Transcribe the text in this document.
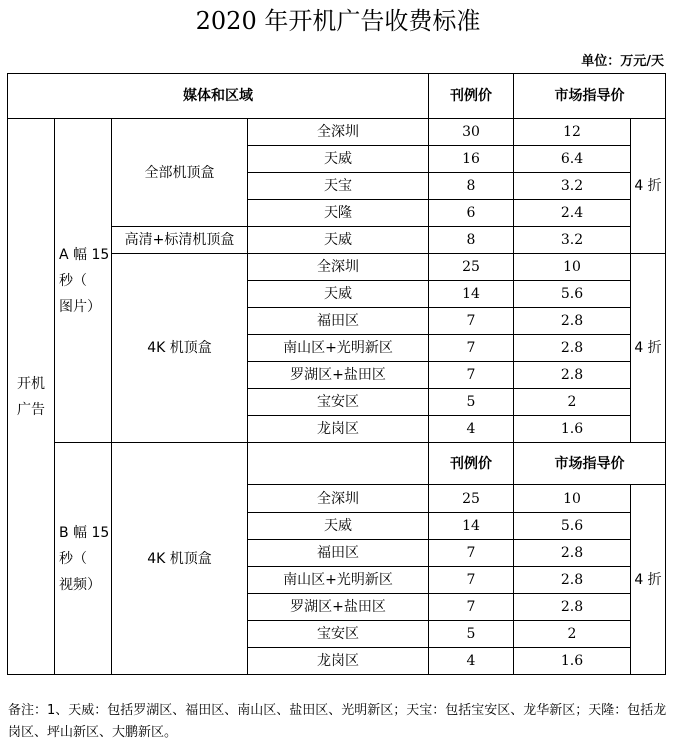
2020 年开机广告收费标准
单位：万元/天
媒体和区域				刊例价	市场指导价	
开机
广告	A 幅 15
秒（
图片）	全部机顶盒	全深圳	30	12	4 折
			天威	16	6.4	
			天宝	8	3.2	
			天隆	6	2.4	
		高清+标清机顶盒	天威	8	3.2	
		4K 机顶盒	全深圳	25	10	4 折
			天威	14	5.6	
			福田区	7	2.8	
			南山区+光明新区	7	2.8	
			罗湖区+盐田区	7	2.8	
			宝安区	5	2	
			龙岗区	4	1.6	
	B 幅 15
秒（
视频）	4K 机顶盒		刊例价	市场指导价	
			全深圳	25	10	4 折
			天威	14	5.6	
			福田区	7	2.8	
			南山区+光明新区	7	2.8	
			罗湖区+盐田区	7	2.8	
			宝安区	5	2	
			龙岗区	4	1.6	
备注：1、天威：包括罗湖区、福田区、南山区、盐田区、光明新区；天宝：包括宝安区、龙华新区；天隆：包括龙岗区、坪山新区、大鹏新区。
